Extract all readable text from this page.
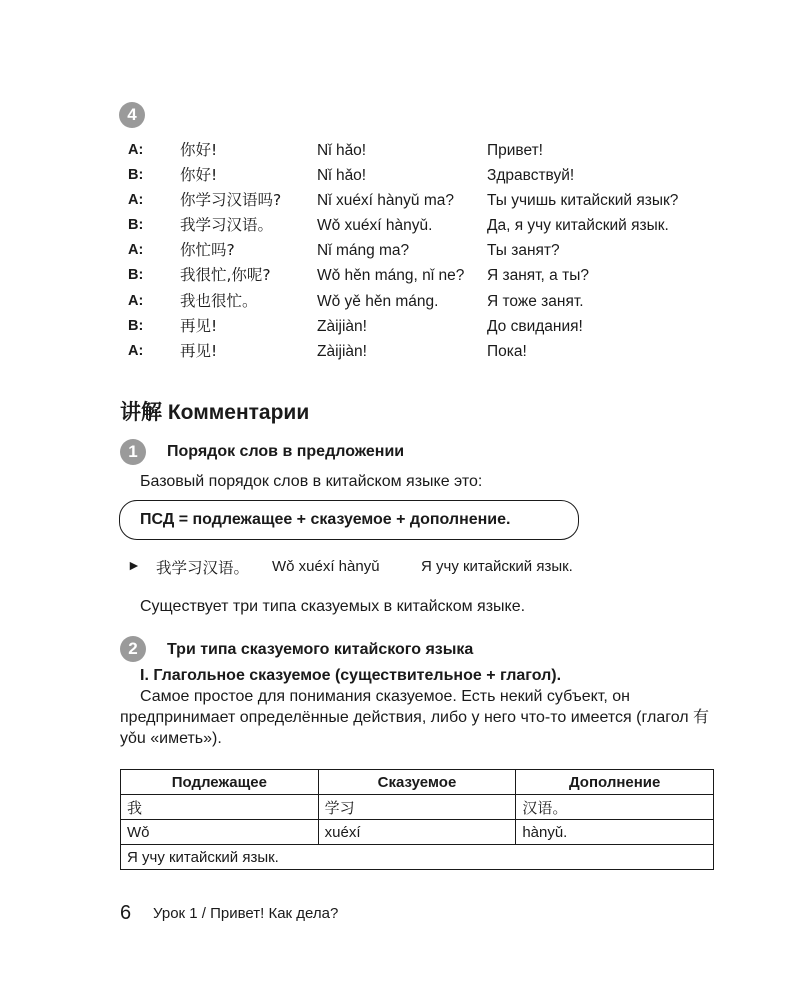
4
A: 你好!	Nǐ hǎo!	Привет!
B: 你好!	Nǐ hǎo!	Здравствуй!
A: 你学习汉语吗? Nǐ xuéxí hànyǔ ma? Ты учишь китайский язык?
B: 我学习汉语。	Wǒ xuéxí hànyǔ.	Да, я учу китайский язык.
A: 你忙吗?	Nǐ máng ma?	Ты занят?
B: 我很忙,你呢?	Wǒ hěn máng, nǐ ne? Я занят, а ты?
A: 我也很忙。	Wǒ yě hěn máng.	Я тоже занят.
B: 再见!	Zàijiàn!	До свидания!
A: 再见!	Zàijiàn!	Пока!
讲解 Комментарии
1	Порядок слов в предложении
Базовый порядок слов в китайском языке это:
ПСД = подлежащее + сказуемое + дополнение.
► 我学习汉语。 Wǒ xuéxí hànyǔ	Я учу китайский язык.
Существует три типа сказуемых в китайском языке.
2	Три типа сказуемого китайского языка
I. Глагольное сказуемое (существительное + глагол).
Самое простое для понимания сказуемое. Есть некий субъект, он предпринимает определённые действия, либо у него что-то имеется (глагол 有 yǒu «иметь»).
Подлежащее	Сказуемое	Дополнение
我	学习	汉语。
Wǒ	xuéxí	hànyǔ.
Я учу китайский язык.		
6 Урок 1 / Привет! Как дела?
